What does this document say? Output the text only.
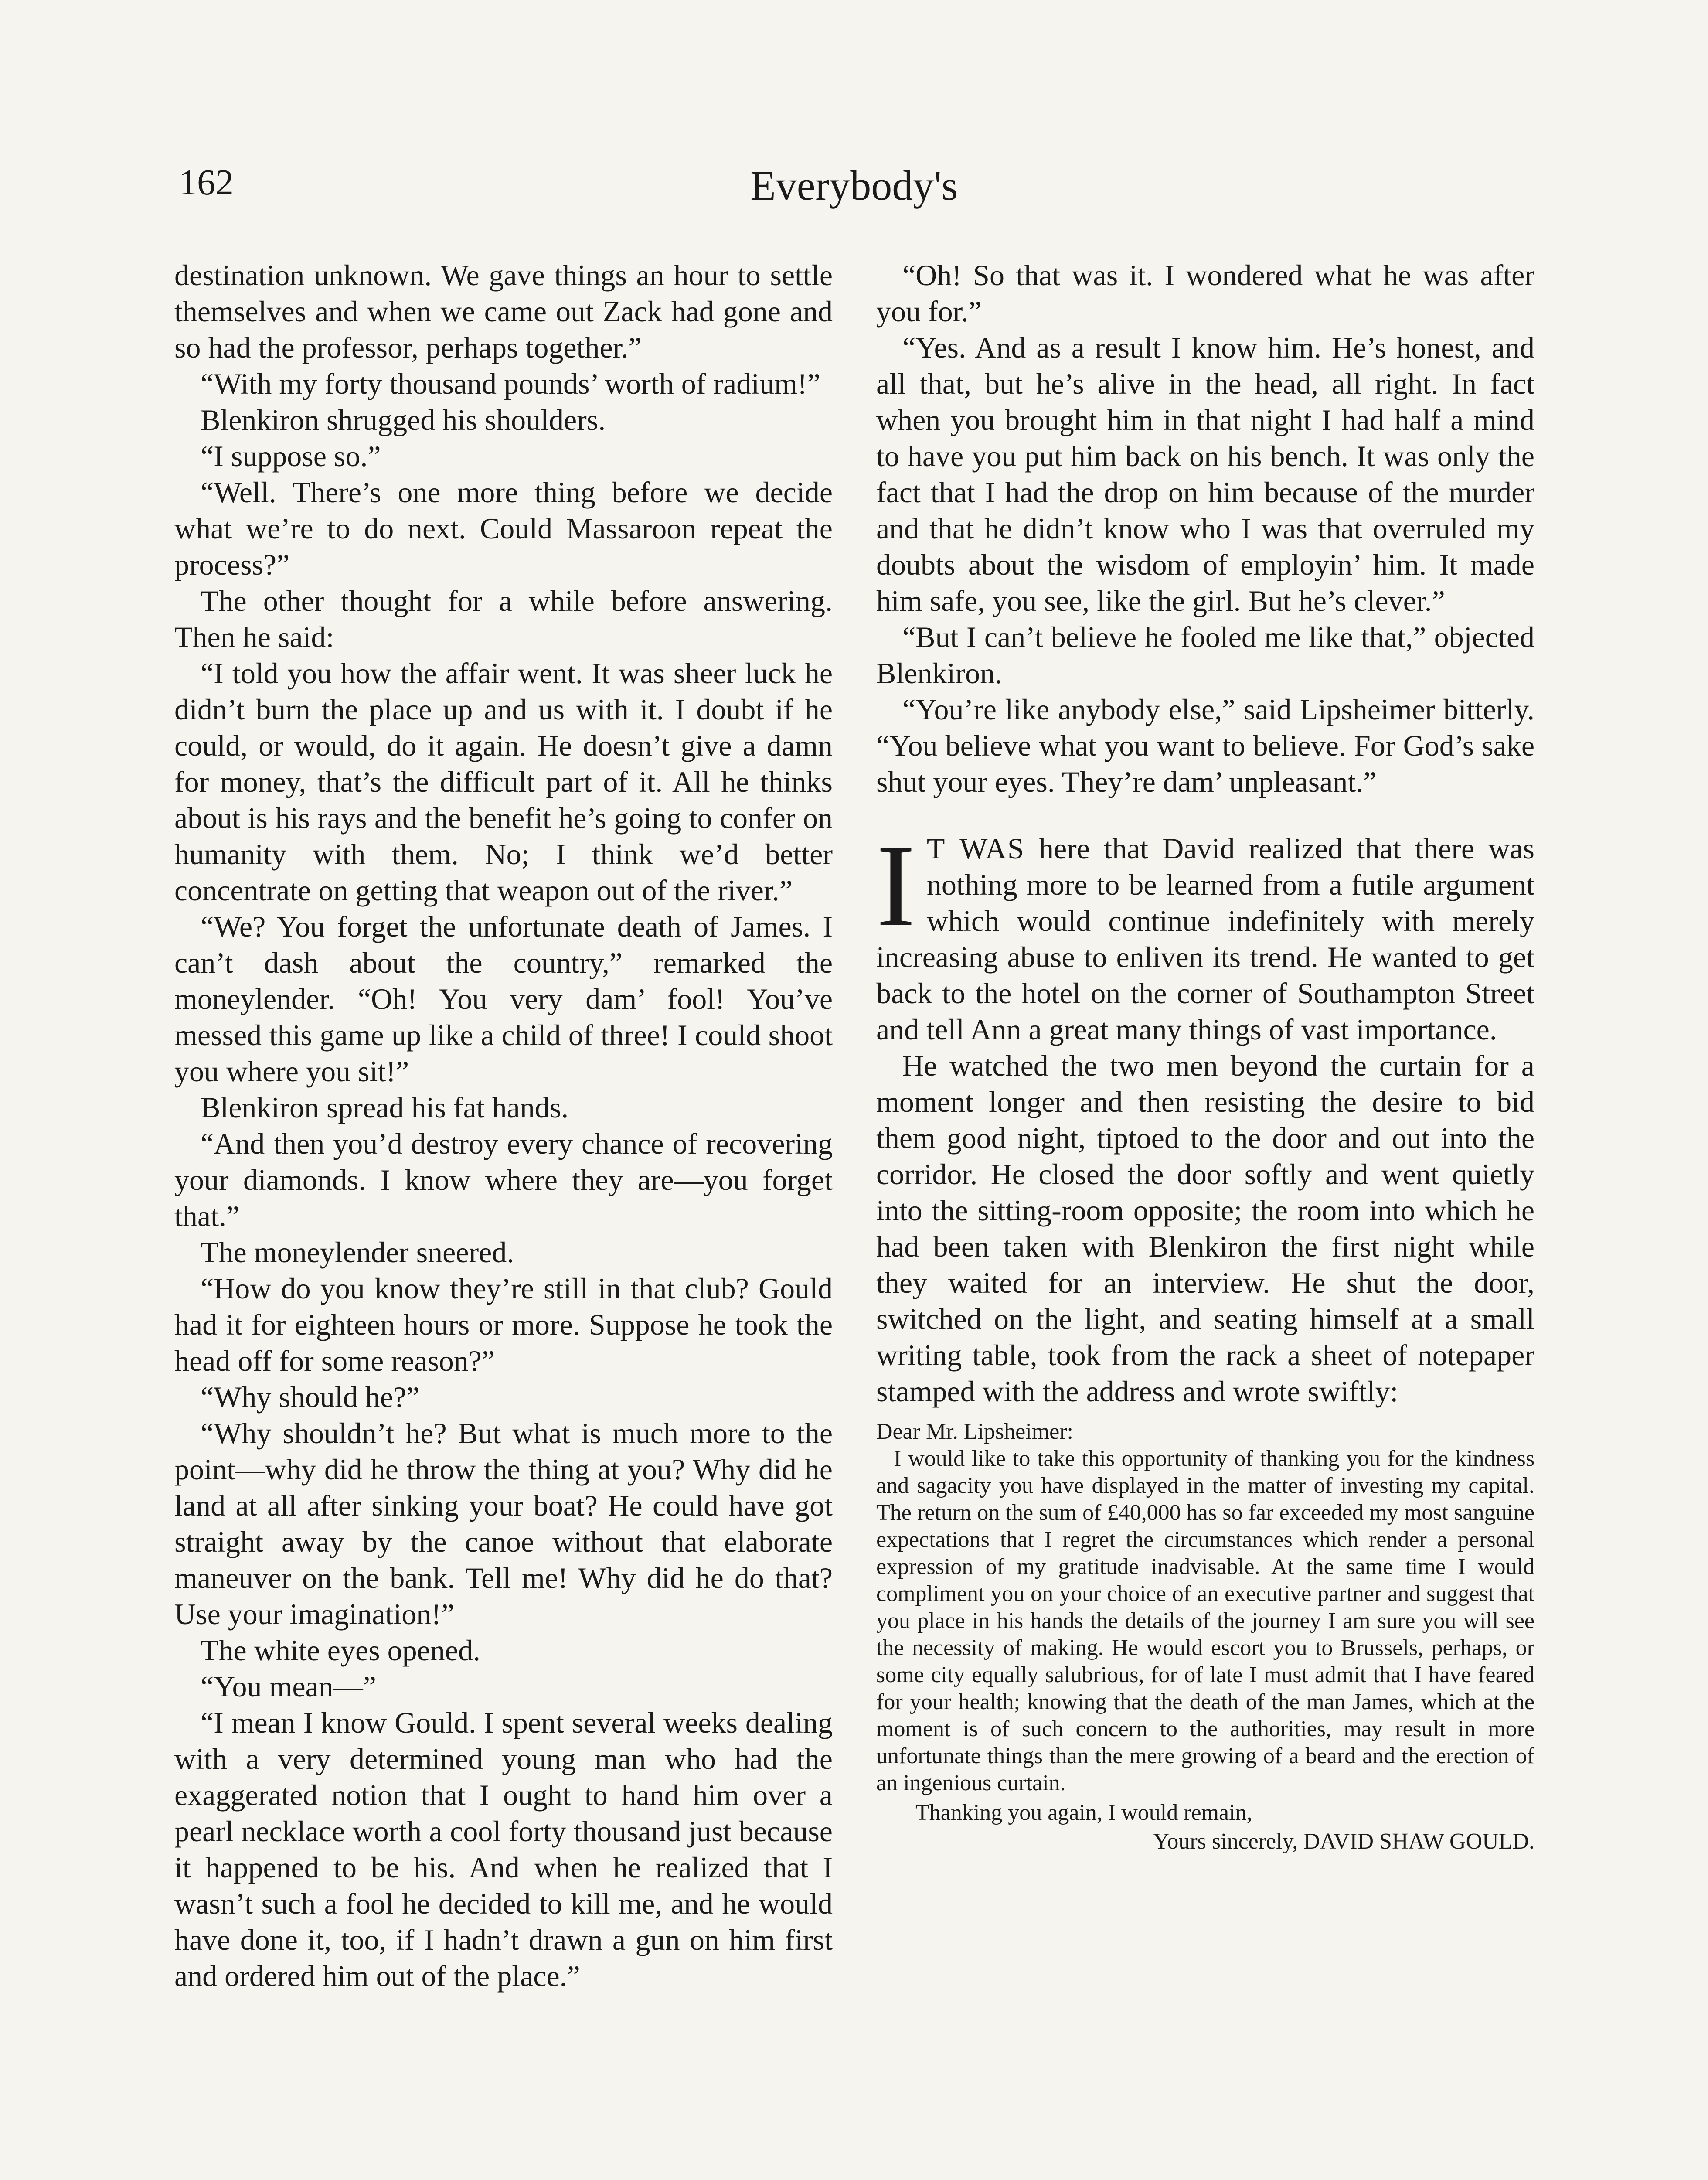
162	Everybody's

destination unknown. We gave things an hour to settle themselves and when we came out Zack had gone and so had the professor, perhaps together.”

“With my forty thousand pounds’ worth of radium!”

Blenkiron shrugged his shoulders.

“I suppose so.”

“Well. There’s one more thing before we decide what we’re to do next. Could Massaroon repeat the process?”

The other thought for a while before answering. Then he said:

“I told you how the affair went. It was sheer luck he didn’t burn the place up and us with it. I doubt if he could, or would, do it again. He doesn’t give a damn for money, that’s the difficult part of it. All he thinks about is his rays and the benefit he’s going to confer on humanity with them. No; I think we’d better concentrate on getting that weapon out of the river.”

“We? You forget the unfortunate death of James. I can’t dash about the country,” remarked the moneylender. “Oh! You very dam’ fool! You’ve messed this game up like a child of three! I could shoot you where you sit!”

Blenkiron spread his fat hands.

“And then you’d destroy every chance of recovering your diamonds. I know where they are—you forget that.”

The moneylender sneered.

“How do you know they’re still in that club? Gould had it for eighteen hours or more. Suppose he took the head off for some reason?”

“Why should he?”

“Why shouldn’t he? But what is much more to the point—why did he throw the thing at you? Why did he land at all after sinking your boat? He could have got straight away by the canoe without that elaborate maneuver on the bank. Tell me! Why did he do that? Use your imagination!”

The white eyes opened.

“You mean—”

“I mean I know Gould. I spent several weeks dealing with a very determined young man who had the exaggerated notion that I ought to hand him over a pearl necklace worth a cool forty thousand just because it happened to be his. And when he realized that I wasn’t such a fool he decided to kill me, and he would have done it, too, if I hadn’t drawn a gun on him first and ordered him out of the place.”

“Oh! So that was it. I wondered what he was after you for.”

“Yes. And as a result I know him. He’s honest, and all that, but he’s alive in the head, all right. In fact when you brought him in that night I had half a mind to have you put him back on his bench. It was only the fact that I had the drop on him because of the murder and that he didn’t know who I was that overruled my doubts about the wisdom of employin’ him. It made him safe, you see, like the girl. But he’s clever.”

“But I can’t believe he fooled me like that,” objected Blenkiron.

“You’re like anybody else,” said Lipsheimer bitterly. “You believe what you want to believe. For God’s sake shut your eyes. They’re dam’ unpleasant.”

I T WAS here that David realized that there was nothing more to be learned from a futile argument which would continue indefinitely with merely increasing abuse to enliven its trend. He wanted to get back to the hotel on the corner of Southampton Street and tell Ann a great many things of vast importance.

He watched the two men beyond the curtain for a moment longer and then resisting the desire to bid them good night, tiptoed to the door and out into the corridor. He closed the door softly and went quietly into the sitting-room opposite; the room into which he had been taken with Blenkiron the first night while they waited for an interview. He shut the door, switched on the light, and seating himself at a small writing table, took from the rack a sheet of notepaper stamped with the address and wrote swiftly:

Dear Mr. Lipsheimer:

I would like to take this opportunity of thanking you for the kindness and sagacity you have displayed in the matter of investing my capital. The return on the sum of £40,000 has so far exceeded my most sanguine expectations that I regret the circumstances which render a personal expression of my gratitude inadvisable. At the same time I would compliment you on your choice of an executive partner and suggest that you place in his hands the details of the journey I am sure you will see the necessity of making. He would escort you to Brussels, perhaps, or some city equally salubrious, for of late I must admit that I have feared for your health; knowing that the death of the man James, which at the moment is of such concern to the authorities, may result in more unfortunate things than the mere growing of a beard and the erection of an ingenious curtain.

Thanking you again, I would remain,

Yours sincerely, DAVID SHAW GOULD.
